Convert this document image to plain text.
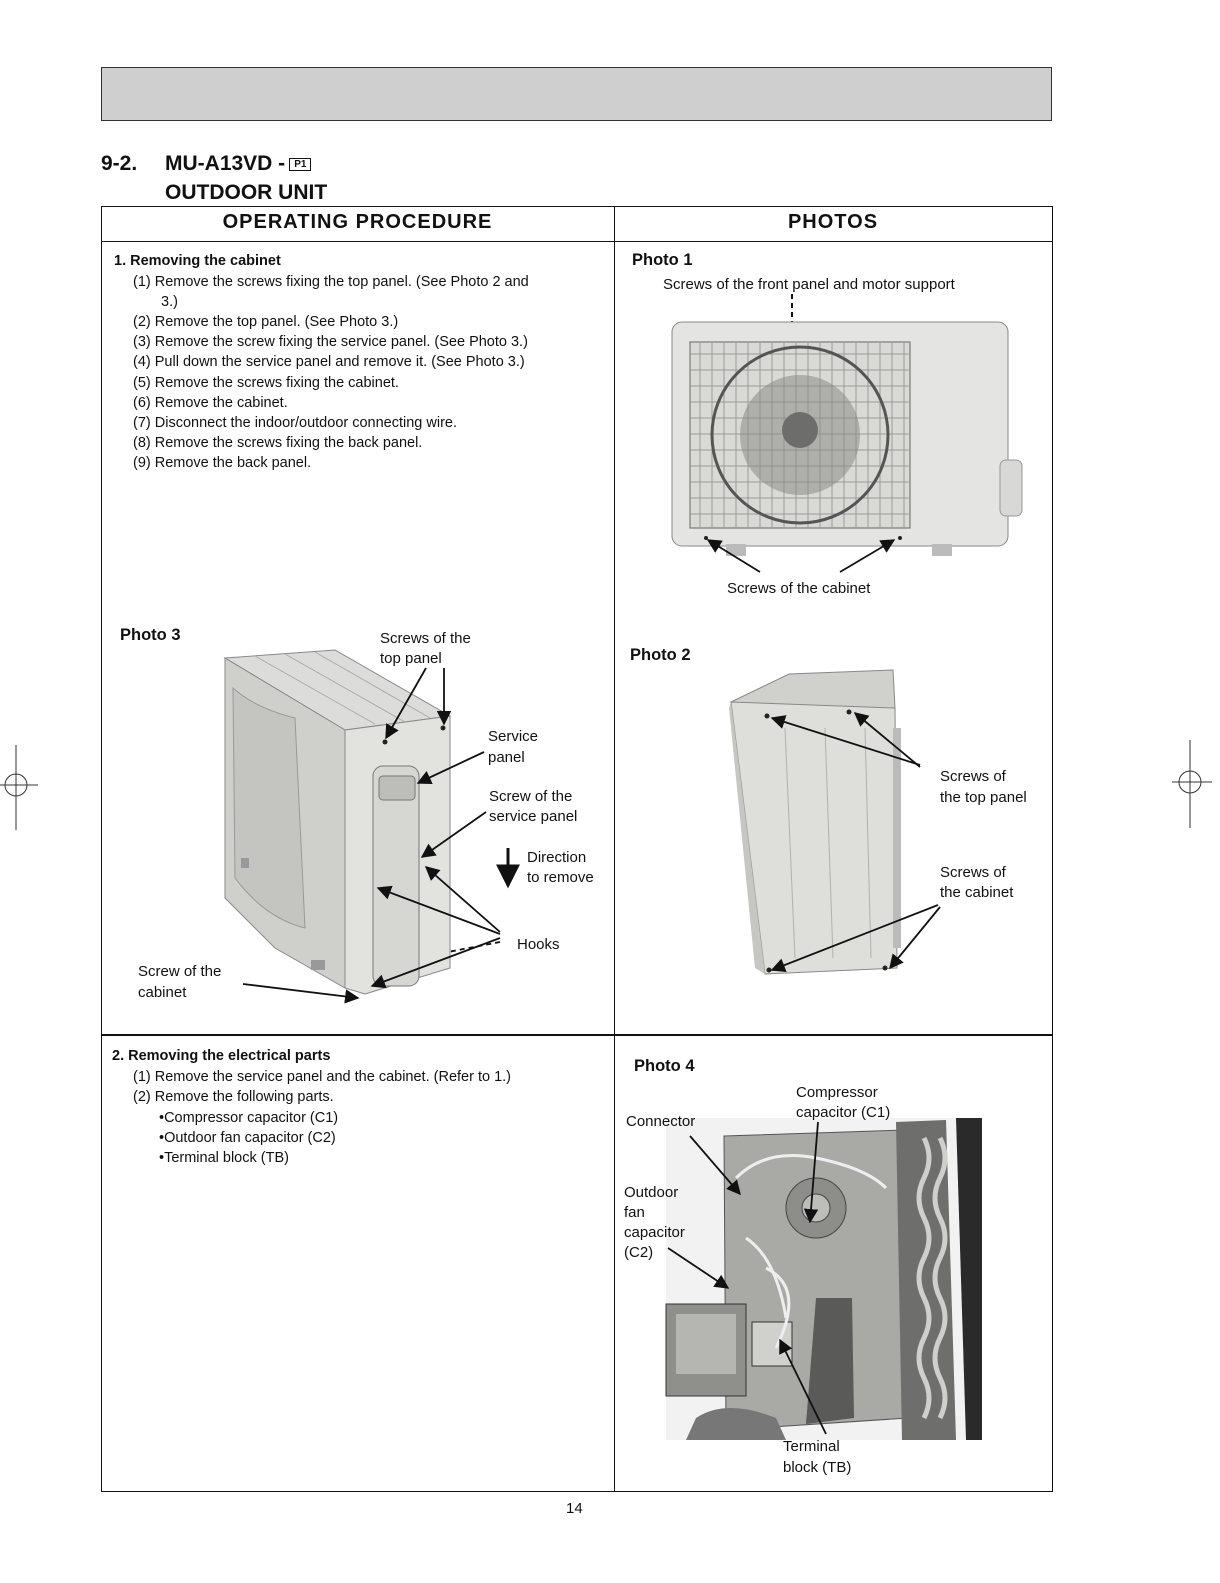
9-2. MU-A13VD - P1
OUTDOOR UNIT
OPERATING PROCEDURE	PHOTOS
1. Removing the cabinet
(1) Remove the screws fixing the top panel. (See Photo 2 and
3.)
(2) Remove the top panel. (See Photo 3.)
(3) Remove the screw fixing the service panel. (See Photo 3.)
(4) Pull down the service panel and remove it. (See Photo 3.)
(5) Remove the screws fixing the cabinet.
(6) Remove the cabinet.
(7) Disconnect the indoor/outdoor connecting wire.
(8) Remove the screws fixing the back panel.
(9) Remove the back panel.
2. Removing the electrical parts
(1) Remove the service panel and the cabinet. (Refer to 1.)
(2) Remove the following parts.
•Compressor capacitor (C1)
•Outdoor fan capacitor (C2)
•Terminal block (TB)
Photo 1
Screws of the front panel and motor support
Screws of the cabinet
Photo 3	Screws of the
top panel
Service
panel
Screw of the
service panel
Direction
to remove
Hooks
Screw of the
cabinet
Photo 2
Screws of
the top panel
Screws of
the cabinet
Photo 4
Connector
Compressor
capacitor (C1)
Outdoor
fan
capacitor
(C2)
Terminal
block (TB)
14
